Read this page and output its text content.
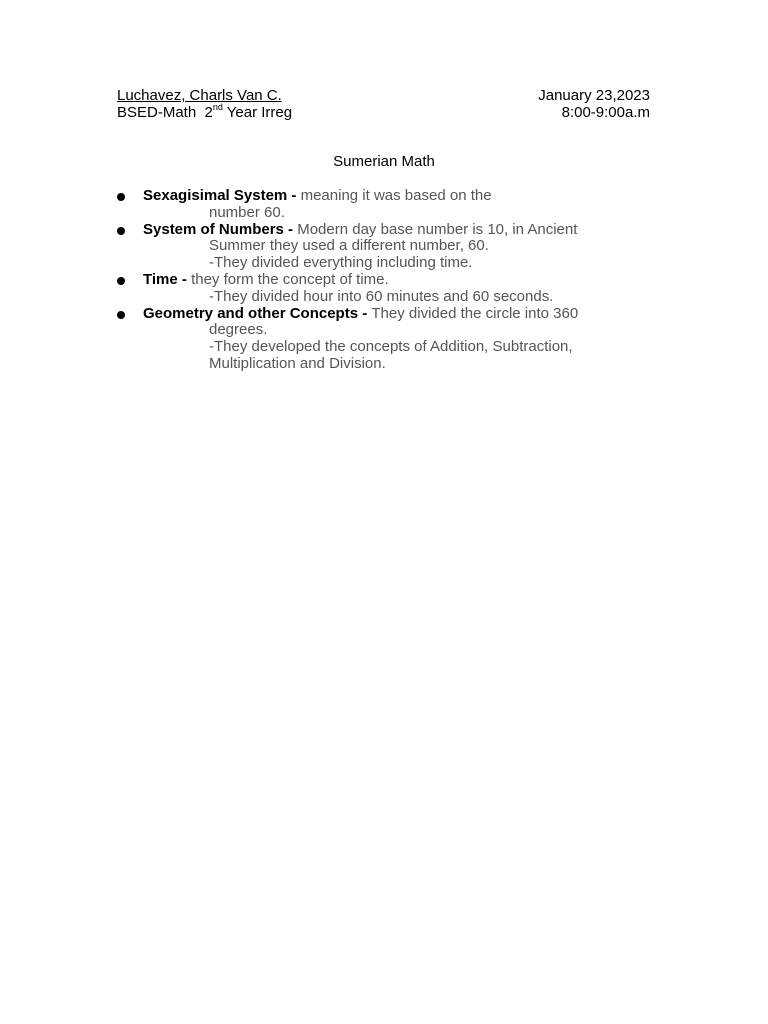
Luchavez, Charls Van C.
BSED-Math  2nd Year Irreg
January 23,2023
8:00-9:00a.m
Sumerian Math
Sexagisimal System - meaning it was based on the
number 60.
System of Numbers - Modern day base number is 10, in Ancient
Summer they used a different number, 60.
-They divided everything including time.
Time - they form the concept of time.
-They divided hour into 60 minutes and 60 seconds.
Geometry and other Concepts - They divided the circle into 360
degrees.
-They developed the concepts of Addition, Subtraction,
Multiplication and Division.
